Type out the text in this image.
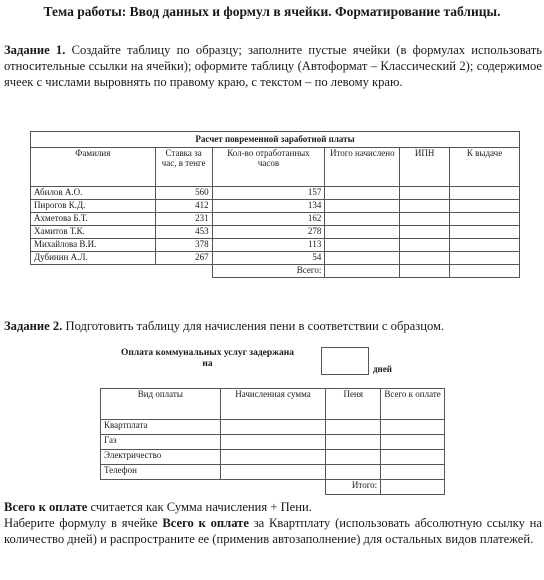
Тема работы: Ввод данных и формул в ячейки. Форматирование таблицы.
Задание 1. Создайте таблицу по образцу; заполните пустые ячейки (в формулах использовать относительные ссылки на ячейки); оформите таблицу (Автоформат – Классический 2); содержимое ячеек с числами выровнять по правому краю, с текстом – по левому краю.
Расчет повременной заработной платы					
Фамилия	Ставка за час, в тенге	Кол-во отработанных часов	Итого начислено	ИПН	К выдаче
Абилов А.О.	560	157			
Пирогов К.Д.	412	134			
Ахметова Б.Т.	231	162			
Хамитов Т.К.	453	278			
Михайлова В.И.	378	113			
Дубинин А.Л.	267	54			
		Всего:			
Задание 2. Подготовить таблицу для начисления пени в соответствии с образцом.
Оплата коммунальных услуг задержана
на	дней
Вид оплаты	Начисленная сумма	Пеня	Всего к оплате
Квартплата			
Газ			
Электричество			
Телефон			
		Итого:	
Всего к оплате считается как Сумма начисления + Пени.
Наберите формулу в ячейке Всего к оплате за Квартплату (использовать абсолютную ссылку на количество дней) и распространите ее (применив автозаполнение) для остальных видов платежей.
